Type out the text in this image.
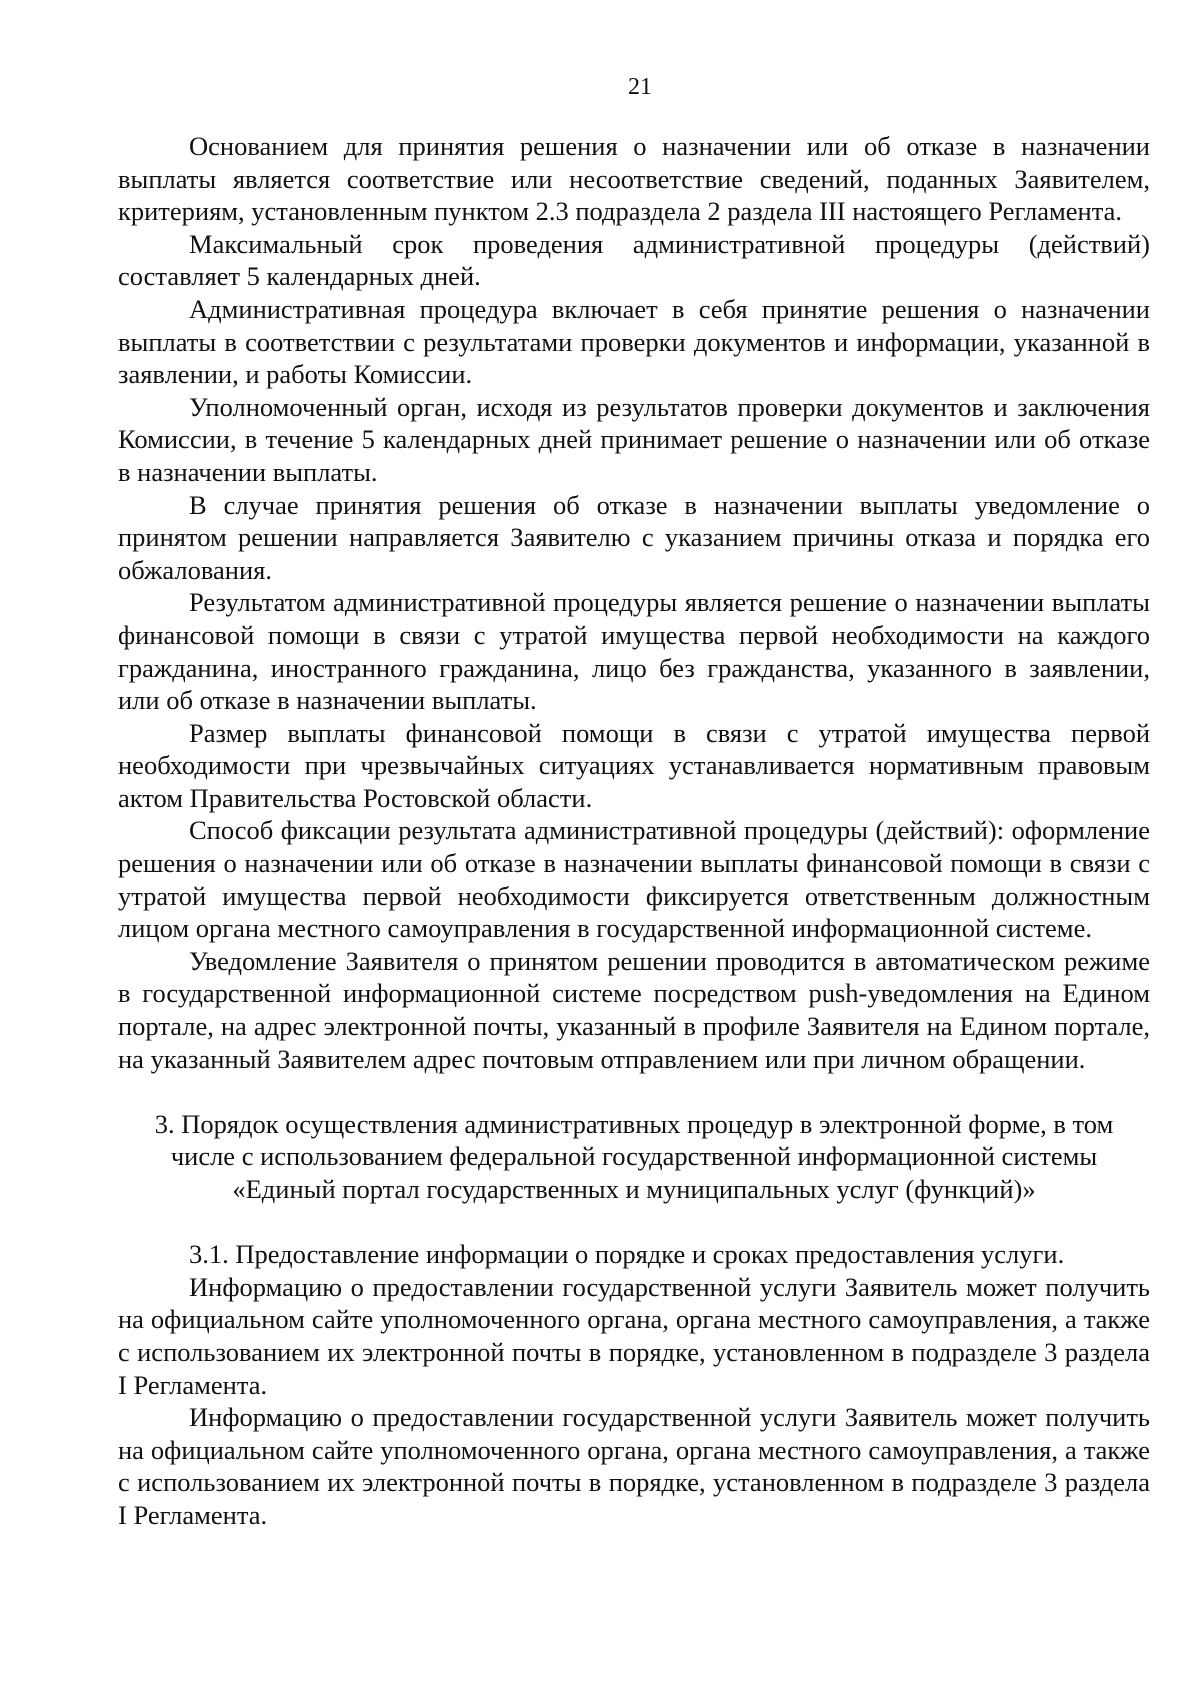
21

Основанием для принятия решения о назначении или об отказе в назначении выплаты является соответствие или несоответствие сведений, поданных Заявителем, критериям, установленным пунктом 2.3 подраздела 2 раздела III настоящего Регламента.

Максимальный срок проведения административной процедуры (действий) составляет 5 календарных дней.

Административная процедура включает в себя принятие решения о назначении выплаты в соответствии с результатами проверки документов и информации, указанной в заявлении, и работы Комиссии.

Уполномоченный орган, исходя из результатов проверки документов и заключения Комиссии, в течение 5 календарных дней принимает решение о назначении или об отказе в назначении выплаты.

В случае принятия решения об отказе в назначении выплаты уведомление о принятом решении направляется Заявителю с указанием причины отказа и порядка его обжалования.

Результатом административной процедуры является решение о назначении выплаты финансовой помощи в связи с утратой имущества первой необходимости на каждого гражданина, иностранного гражданина, лицо без гражданства, указанного в заявлении, или об отказе в назначении выплаты.

Размер выплаты финансовой помощи в связи с утратой имущества первой необходимости при чрезвычайных ситуациях устанавливается нормативным правовым актом Правительства Ростовской области.

Способ фиксации результата административной процедуры (действий): оформление решения о назначении или об отказе в назначении выплаты финансовой помощи в связи с утратой имущества первой необходимости фиксируется ответственным должностным лицом органа местного самоуправления в государственной информационной системе.

Уведомление Заявителя о принятом решении проводится в автоматическом режиме в государственной информационной системе посредством push-уведомления на Едином портале, на адрес электронной почты, указанный в профиле Заявителя на Едином портале, на указанный Заявителем адрес почтовым отправлением или при личном обращении.

3. Порядок осуществления административных процедур в электронной форме, в том

числе с использованием федеральной государственной информационной системы

«Единый портал государственных и муниципальных услуг (функций)»

3.1. Предоставление информации о порядке и сроках предоставления услуги.

Информацию о предоставлении государственной услуги Заявитель может получить на официальном сайте уполномоченного органа, органа местного самоуправления, а также с использованием их электронной почты в порядке, установленном в подразделе 3 раздела I Регламента.

Информацию о предоставлении государственной услуги Заявитель может получить на официальном сайте уполномоченного органа, органа местного самоуправления, а также с использованием их электронной почты в порядке, установленном в подразделе 3 раздела I Регламента.
